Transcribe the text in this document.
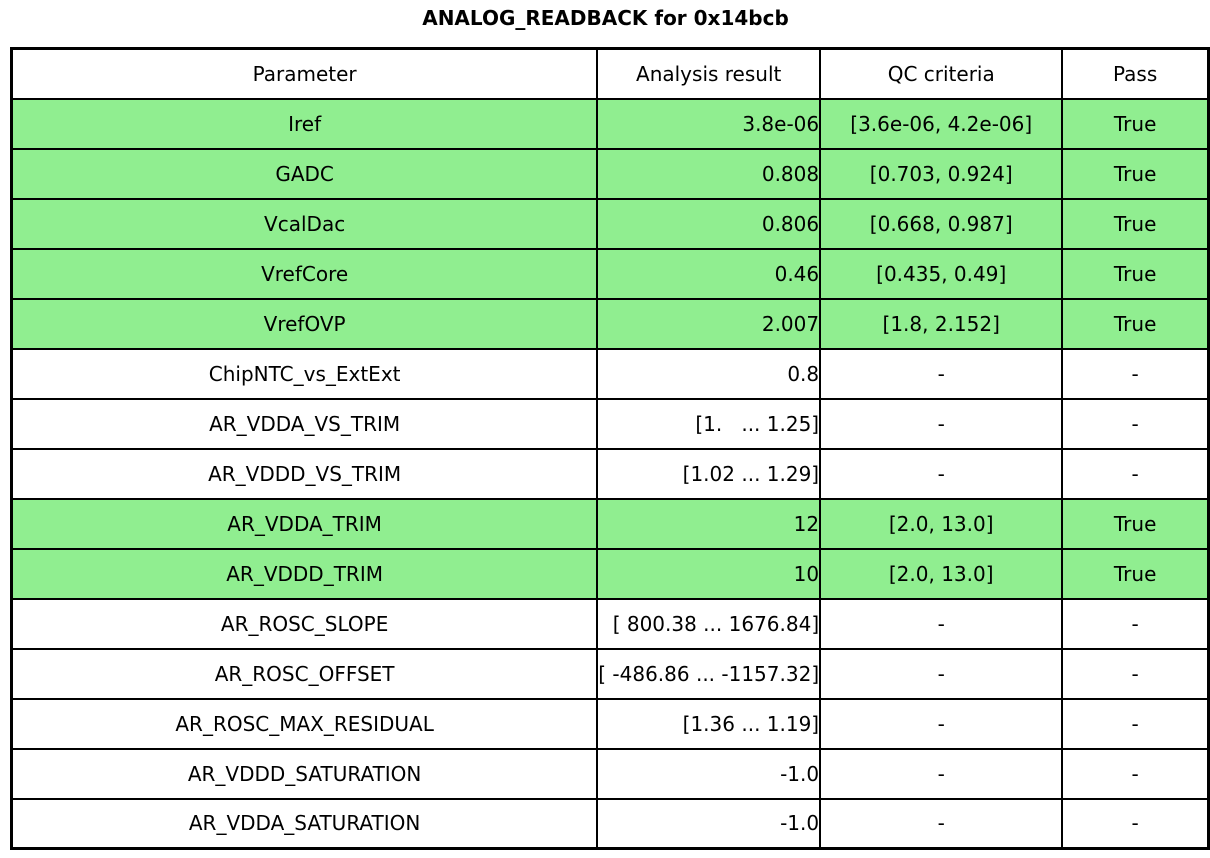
ANALOG_READBACK for 0x14bcb
Parameter	Analysis result	QC criteria	Pass
Iref	3.8e-06	[3.6e-06, 4.2e-06]	True
GADC	0.808	[0.703, 0.924]	True
VcalDac	0.806	[0.668, 0.987]	True
VrefCore	0.46	[0.435, 0.49]	True
VrefOVP	2.007	[1.8, 2.152]	True
ChipNTC_vs_ExtExt	0.8	-	-
AR_VDDA_VS_TRIM	[1.   ... 1.25]	-	-
AR_VDDD_VS_TRIM	[1.02 ... 1.29]	-	-
AR_VDDA_TRIM	12	[2.0, 13.0]	True
AR_VDDD_TRIM	10	[2.0, 13.0]	True
AR_ROSC_SLOPE	[ 800.38 ... 1676.84]	-	-
AR_ROSC_OFFSET	[ -486.86 ... -1157.32]	-	-
AR_ROSC_MAX_RESIDUAL	[1.36 ... 1.19]	-	-
AR_VDDD_SATURATION	-1.0	-	-
AR_VDDA_SATURATION	-1.0	-	-
